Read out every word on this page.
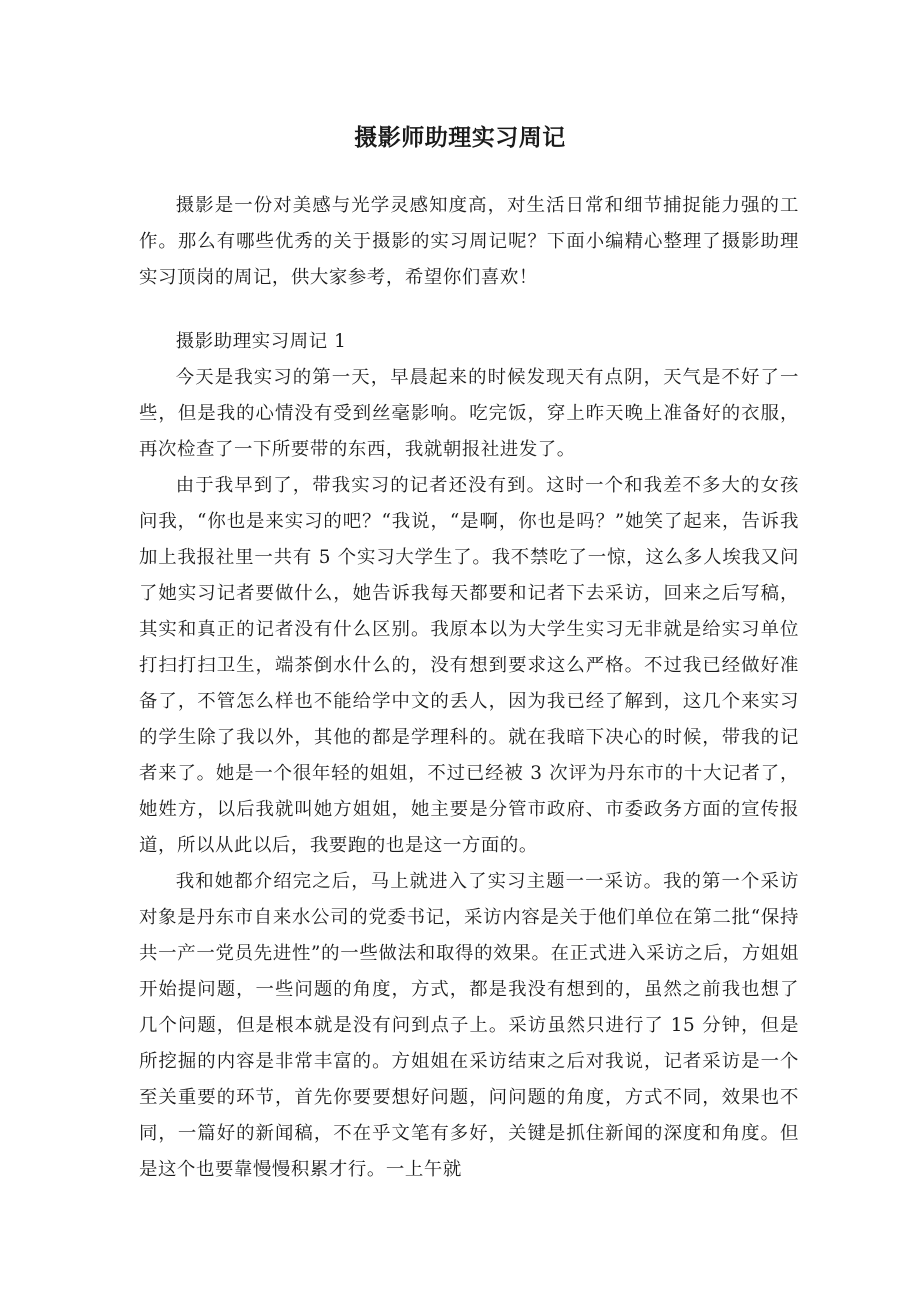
摄影师助理实习周记

摄影是一份对美感与光学灵感知度高，对生活日常和细节捕捉能力强的工作。那么有哪些优秀的关于摄影的实习周记呢？下面小编精心整理了摄影助理实习顶岗的周记，供大家参考，希望你们喜欢！

摄影助理实习周记 1

今天是我实习的第一天，早晨起来的时候发现天有点阴，天气是不好了一些，但是我的心情没有受到丝毫影响。吃完饭，穿上昨天晚上准备好的衣服，再次检查了一下所要带的东西，我就朝报社进发了。

由于我早到了，带我实习的记者还没有到。这时一个和我差不多大的女孩问我，“你也是来实习的吧？“我说，“是啊，你也是吗？”她笑了起来，告诉我加上我报社里一共有 5 个实习大学生了。我不禁吃了一惊，这么多人埃我又问了她实习记者要做什么，她告诉我每天都要和记者下去采访，回来之后写稿，其实和真正的记者没有什么区别。我原本以为大学生实习无非就是给实习单位打扫打扫卫生，端茶倒水什么的，没有想到要求这么严格。不过我已经做好准备了，不管怎么样也不能给学中文的丢人，因为我已经了解到，这几个来实习的学生除了我以外，其他的都是学理科的。就在我暗下决心的时候，带我的记者来了。她是一个很年轻的姐姐，不过已经被 3 次评为丹东市的十大记者了，她姓方，以后我就叫她方姐姐，她主要是分管市政府、市委政务方面的宣传报道，所以从此以后，我要跑的也是这一方面的。

我和她都介绍完之后，马上就进入了实习主题一一采访。我的第一个采访对象是丹东市自来水公司的党委书记，采访内容是关于他们单位在第二批“保持共一产一党员先进性”的一些做法和取得的效果。在正式进入采访之后，方姐姐开始提问题，一些问题的角度，方式，都是我没有想到的，虽然之前我也想了几个问题，但是根本就是没有问到点子上。采访虽然只进行了 15 分钟，但是所挖掘的内容是非常丰富的。方姐姐在采访结束之后对我说，记者采访是一个至关重要的环节，首先你要要想好问题，问问题的角度，方式不同，效果也不同，一篇好的新闻稿，不在乎文笔有多好，关键是抓住新闻的深度和角度。但是这个也要靠慢慢积累才行。一上午就
